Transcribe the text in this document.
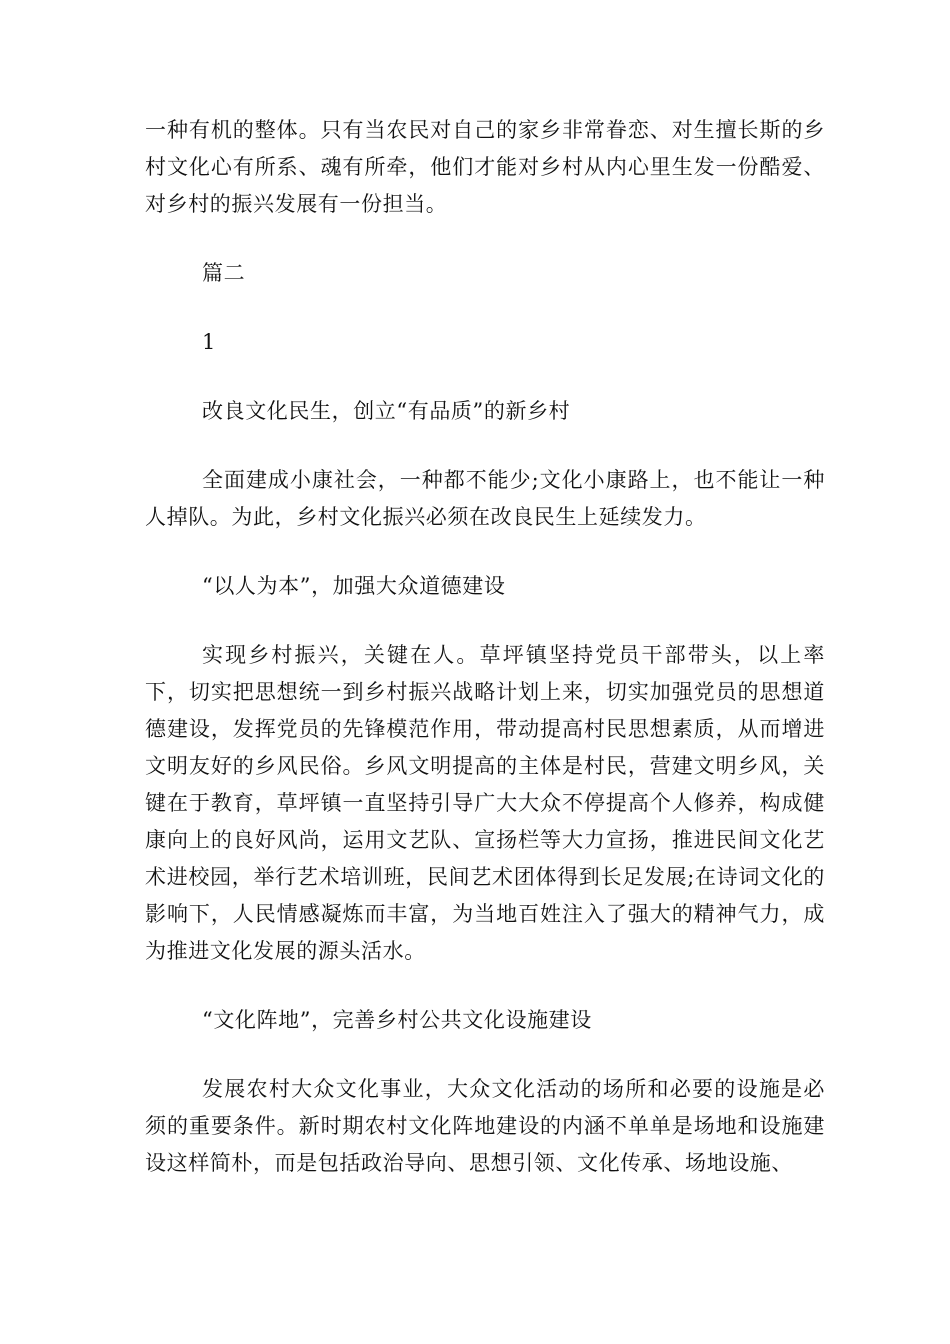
一种有机的整体。只有当农民对自己的家乡非常眷恋、对生擅长斯的乡村文化心有所系、魂有所牵，他们才能对乡村从内心里生发一份酷爱、对乡村的振兴发展有一份担当。

篇二

1

改良文化民生，创立“有品质”的新乡村

全面建成小康社会，一种都不能少;文化小康路上，也不能让一种人掉队。为此，乡村文化振兴必须在改良民生上延续发力。

“以人为本”，加强大众道德建设

实现乡村振兴，关键在人。草坪镇坚持党员干部带头，以上率下，切实把思想统一到乡村振兴战略计划上来，切实加强党员的思想道德建设，发挥党员的先锋模范作用，带动提高村民思想素质，从而增进文明友好的乡风民俗。乡风文明提高的主体是村民，营建文明乡风，关键在于教育，草坪镇一直坚持引导广大大众不停提高个人修养，构成健康向上的良好风尚，运用文艺队、宣扬栏等大力宣扬，推进民间文化艺术进校园，举行艺术培训班，民间艺术团体得到长足发展;在诗词文化的影响下，人民情感凝炼而丰富，为当地百姓注入了强大的精神气力，成为推进文化发展的源头活水。

“文化阵地”，完善乡村公共文化设施建设

发展农村大众文化事业，大众文化活动的场所和必要的设施是必须的重要条件。新时期农村文化阵地建设的内涵不单单是场地和设施建设这样简朴，而是包括政治导向、思想引领、文化传承、场地设施、
